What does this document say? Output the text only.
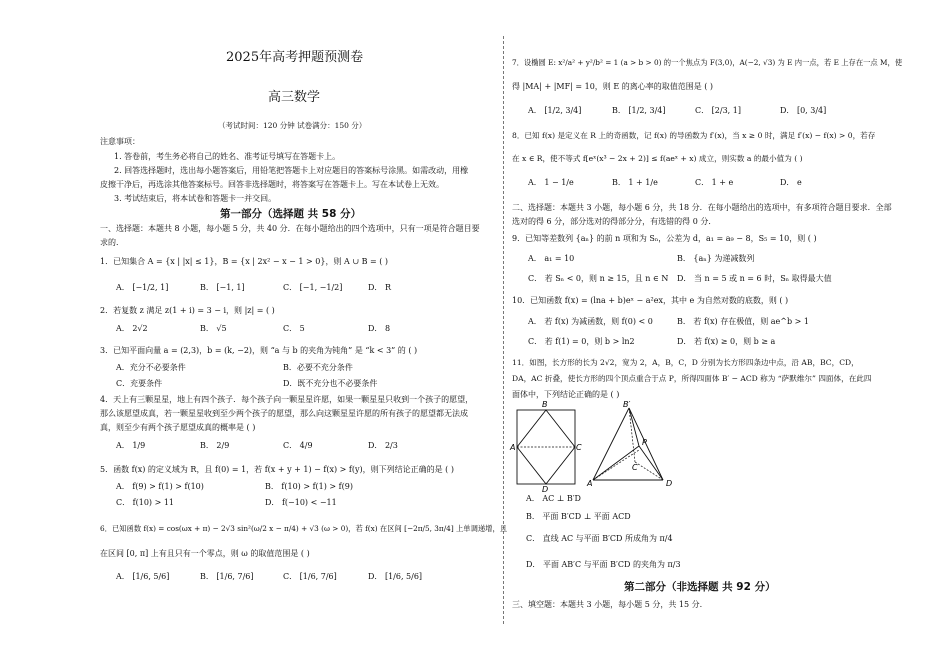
2025年高考押题预测卷
高三数学
（考试时间：120 分钟 试卷满分：150 分）
注意事项：
1. 答卷前，考生务必将自己的姓名、准考证号填写在答题卡上。
2. 回答选择题时，选出每小题答案后，用铅笔把答题卡上对应题目的答案标号涂黑。如需改动，用橡
皮擦干净后，再选涂其他答案标号。回答非选择题时，将答案写在答题卡上。写在本试卷上无效。
3. 考试结束后，将本试卷和答题卡一并交回。
第一部分（选择题 共 58 分）
一、选择题：本题共 8 小题，每小题 5 分，共 40 分．在每小题给出的四个选项中，只有一项是符合题目要
求的．
1．已知集合 A = {x | |x| ≤ 1}，B = {x | 2x² − x − 1 > 0}，则 A ∪ B = ( )
A． [−1/2, 1]	B． [−1, 1]	C． [−1, −1/2]	D． R
2．若复数 z 满足 z(1 + i) = 3 − i，则 |z| = ( )
A． 2√2	B． √5	C． 5	D． 8
3．已知平面向量 a = (2,3)，b = (k, −2)，则 “a 与 b 的夹角为钝角” 是 “k < 3” 的 ( )
A．充分不必要条件	B．必要不充分条件
C．充要条件	D．既不充分也不必要条件
4．天上有三颗星星，地上有四个孩子．每个孩子向一颗星星许愿，如果一颗星星只收到一个孩子的愿望，
那么该愿望成真，若一颗星星收到至少两个孩子的愿望，那么向这颗星星许愿的所有孩子的愿望都无法成
真，则至少有两个孩子愿望成真的概率是 ( )
A． 1/9	B． 2/9	C． 4/9	D． 2/3
5．函数 f(x) 的定义域为 R，且 f(0) = 1，若 f(x + y + 1) − f(x) > f(y)，则下列结论正确的是 ( )
A． f(9) > f(1) > f(10)	B． f(10) > f(1) > f(9)
C． f(10) > 11	D． f(−10) < −11
6．已知函数 f(x) = cos(ωx + π) − 2√3 sin²(ω/2 x − π/4) + √3 (ω > 0)，若 f(x) 在区间 [−2π/5, 3π/4] 上单调递增，且
在区间 [0, π] 上有且只有一个零点，则 ω 的取值范围是 ( )
A． [1/6, 5/6]	B． [1/6, 7/6]	C． [1/6, 7/6]	D． [1/6, 5/6]
7．设椭圆 E: x²/a² + y²/b² = 1 (a > b > 0) 的一个焦点为 F(3,0)，A(−2, √3) 为 E 内一点，若 E 上存在一点 M，使
得 |MA| + |MF| = 10，则 E 的离心率的取值范围是 ( )
A． [1/2, 3/4]	B． [1/2, 3/4]	C． [2/3, 1]	D． [0, 3/4]
8．已知 f(x) 是定义在 R 上的奇函数，记 f(x) 的导函数为 f′(x)，当 x ≥ 0 时，满足 f′(x) − f(x) > 0，若存
在 x ∈ R，使不等式 f[eˣ(x³ − 2x + 2)] ≤ f(aeˣ + x) 成立，则实数 a 的最小值为 ( )
A． 1 − 1/e	B． 1 + 1/e	C． 1 + e	D． e
二、选择题：本题共 3 小题，每小题 6 分，共 18 分．在每小题给出的选项中，有多项符合题目要求．全部
选对的得 6 分，部分选对的得部分分，有选错的得 0 分．
9．已知等差数列 {aₙ} 的前 n 项和为 Sₙ，公差为 d，a₁ = a₉ − 8，S₅ = 10，则 ( )
A． a₁ = 10	B． {aₙ} 为递减数列
C． 若 Sₙ < 0，则 n ≥ 15，且 n ∈ N D． 当 n = 5 或 n = 6 时，Sₙ 取得最大值
10．已知函数 f(x) = (lna + b)eˣ − a²ex，其中 e 为自然对数的底数，则 ( )
A． 若 f(x) 为减函数，则 f(0) < 0	B． 若 f(x) 存在极值，则 ae^b > 1
C． 若 f(1) = 0，则 b > ln2	D． 若 f(x) ≥ 0，则 b ≥ a
11．如图，长方形的长为 2√2，宽为 2，A，B，C，D 分别为长方形四条边中点，沿 AB，BC，CD，
DA，AC 折叠，使长方形的四个顶点重合于点 P，所得四面体 B′ − ACD 称为 “萨默维尔” 四面体，在此四
面体中，下列结论正确的是 ( )
B
A	C
D
B′
P
C
A	D
A． AC ⊥ B′D
B． 平面 B′CD ⊥ 平面 ACD
C． 直线 AC 与平面 B′CD 所成角为 π/4
D． 平面 AB′C 与平面 B′CD 的夹角为 π/3
第二部分（非选择题 共 92 分）
三、填空题：本题共 3 小题，每小题 5 分，共 15 分.
